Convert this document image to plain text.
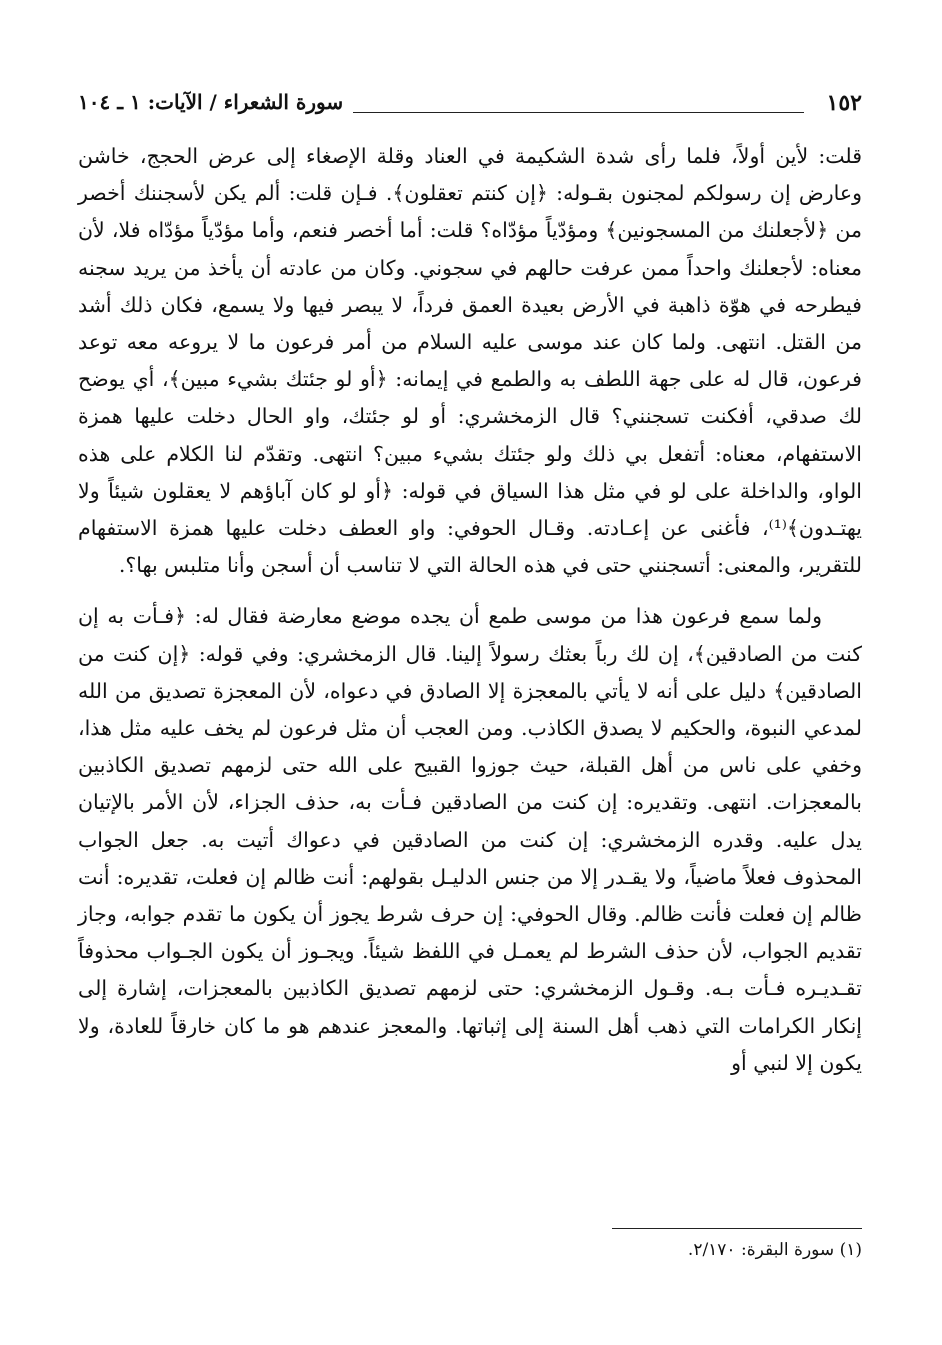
١٥٢
سورة الشعراء / الآيات: ١ ـ ١٠٤

قلت: لأين أولاً، فلما رأى شدة الشكيمة في العناد وقلة الإصغاء إلى عرض الحجج، خاشن وعارض إن رسولكم لمجنون بقـوله: ﴿إن كنتم تعقلون﴾. فـإن قلت: ألم يكن لأسجننك أخصر من ﴿لأجعلنك من المسجونين﴾ ومؤدّياً مؤدّاه؟ قلت: أما أخصر فنعم، وأما مؤدّياً مؤدّاه فلا، لأن معناه: لأجعلنك واحداً ممن عرفت حالهم في سجوني. وكان من عادته أن يأخذ من يريد سجنه فيطرحه في هوّة ذاهبة في الأرض بعيدة العمق فرداً، لا يبصر فيها ولا يسمع، فكان ذلك أشد من القتل. انتهى. ولما كان عند موسى عليه السلام من أمر فرعون ما لا يروعه معه توعد فرعون، قال له على جهة اللطف به والطمع في إيمانه: ﴿أو لو جئتك بشيء مبين﴾، أي يوضح لك صدقي، أفكنت تسجنني؟ قال الزمخشري: أو لو جئتك، واو الحال دخلت عليها همزة الاستفهام، معناه: أتفعل بي ذلك ولو جئتك بشيء مبين؟ انتهى. وتقدّم لنا الكلام على هذه الواو، والداخلة على لو في مثل هذا السياق في قوله: ﴿أو لو كان آباؤهم لا يعقلون شيئاً ولا يهتـدون﴾⁽¹⁾، فأغنى عن إعـادته. وقـال الحوفي: واو العطف دخلت عليها همزة الاستفهام للتقرير، والمعنى: أتسجنني حتى في هذه الحالة التي لا تناسب أن أسجن وأنا متلبس بها؟.

ولما سمع فرعون هذا من موسى طمع أن يجده موضع معارضة فقال له: ﴿فـأت به إن كنت من الصادقين﴾، إن لك رباً بعثك رسولاً إلينا. قال الزمخشري: وفي قوله: ﴿إن كنت من الصادقين﴾ دليل على أنه لا يأتي بالمعجزة إلا الصادق في دعواه، لأن المعجزة تصديق من الله لمدعي النبوة، والحكيم لا يصدق الكاذب. ومن العجب أن مثل فرعون لم يخف عليه مثل هذا، وخفي على ناس من أهل القبلة، حيث جوزوا القبيح على الله حتى لزمهم تصديق الكاذبين بالمعجزات. انتهى. وتقديره: إن كنت من الصادقين فـأت به، حذف الجزاء، لأن الأمر بالإتيان يدل عليه. وقدره الزمخشري: إن كنت من الصادقين في دعواك أتيت به. جعل الجواب المحذوف فعلاً ماضياً، ولا يقـدر إلا من جنس الدليـل بقولهم: أنت ظالم إن فعلت، تقديره: أنت ظالم إن فعلت فأنت ظالم. وقال الحوفي: إن حرف شرط يجوز أن يكون ما تقدم جوابه، وجاز تقديم الجواب، لأن حذف الشرط لم يعمـل في اللفظ شيئاً. ويجـوز أن يكون الجـواب محذوفاً تقـديـره فـأت بـه. وقـول الزمخشري: حتى لزمهم تصديق الكاذبين بالمعجزات، إشارة إلى إنكار الكرامات التي ذهب أهل السنة إلى إثباتها. والمعجز عندهم هو ما كان خارقاً للعادة، ولا يكون إلا لنبي أو

(١) سورة البقرة: ٢/١٧٠.
